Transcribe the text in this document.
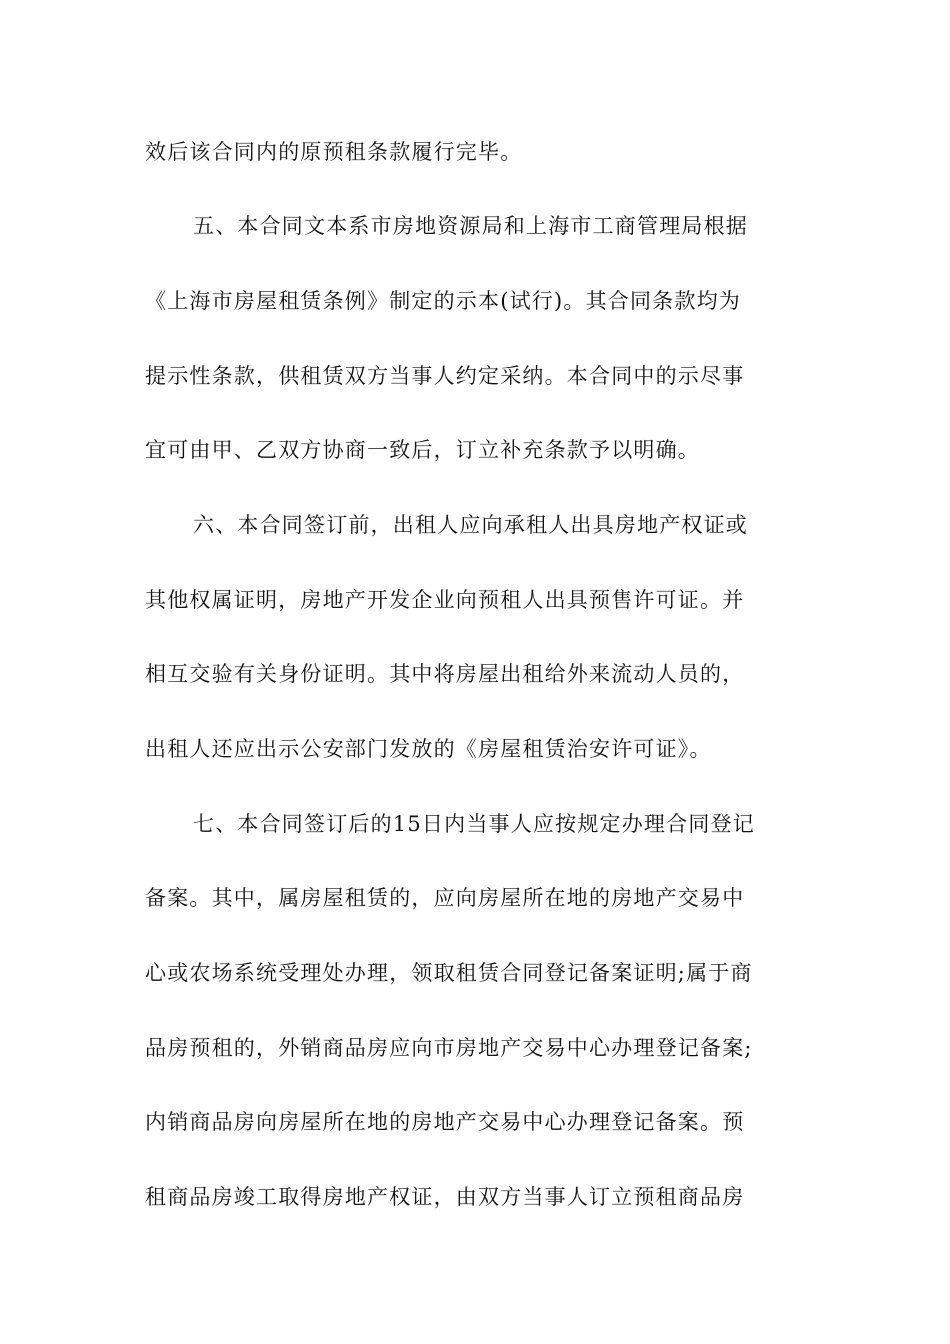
效后该合同内的原预租条款履行完毕。
五、本合同文本系市房地资源局和上海市工商管理局根据
《上海市房屋租赁条例》制定的示本(试行)。其合同条款均为
提示性条款，供租赁双方当事人约定采纳。本合同中的示尽事
宜可由甲、乙双方协商一致后，订立补充条款予以明确。
六、本合同签订前，出租人应向承租人出具房地产权证或
其他权属证明，房地产开发企业向预租人出具预售许可证。并
相互交验有关身份证明。其中将房屋出租给外来流动人员的，
出租人还应出示公安部门发放的《房屋租赁治安许可证》。
七、本合同签订后的15日内当事人应按规定办理合同登记
备案。其中，属房屋租赁的，应向房屋所在地的房地产交易中
心或农场系统受理处办理，领取租赁合同登记备案证明;属于商
品房预租的，外销商品房应向市房地产交易中心办理登记备案;
内销商品房向房屋所在地的房地产交易中心办理登记备案。预
租商品房竣工取得房地产权证，由双方当事人订立预租商品房
